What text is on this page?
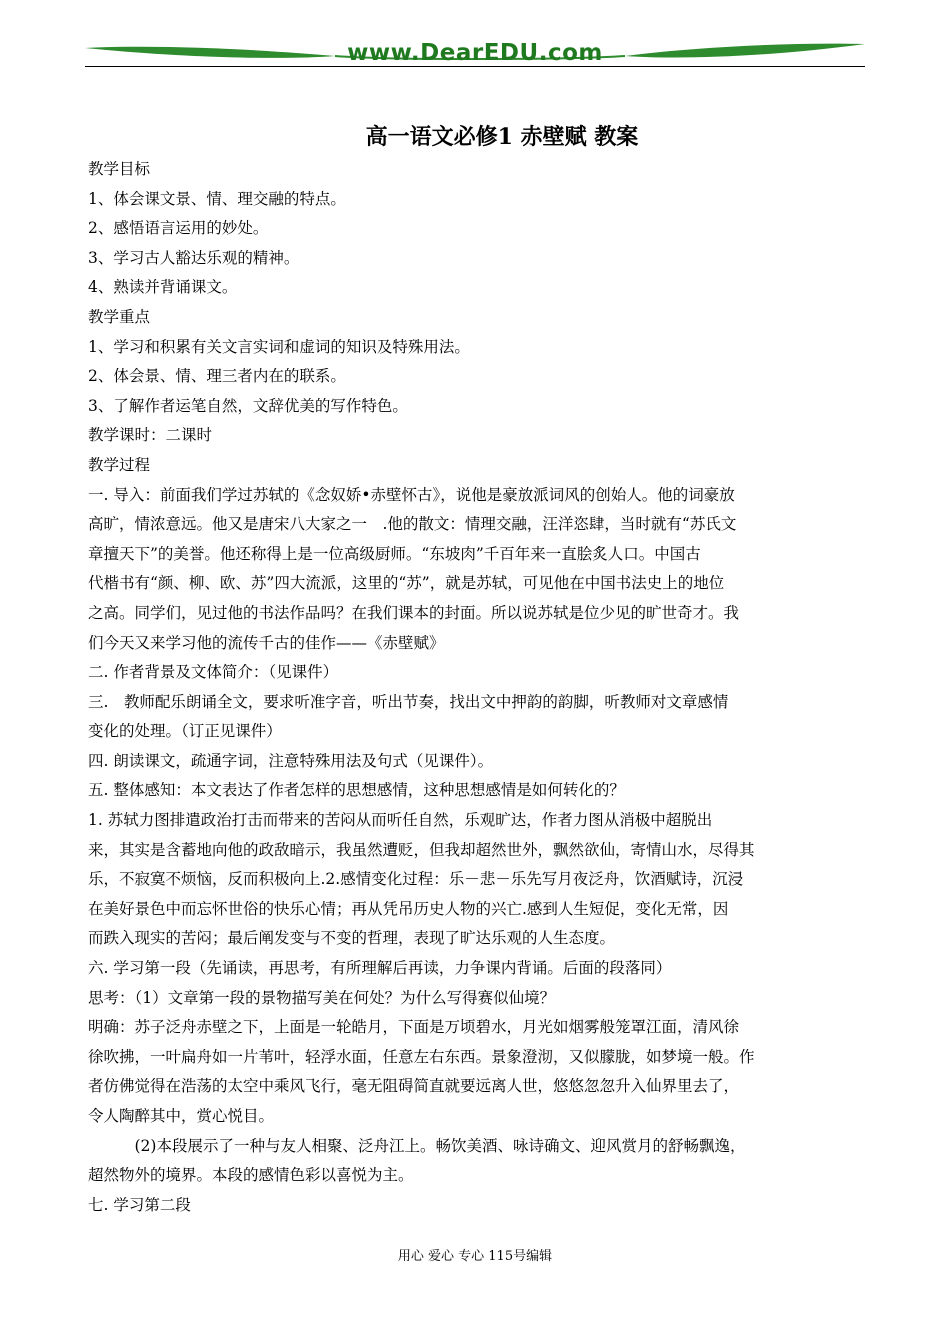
www.DearEDU.com
高一语文必修1 赤壁赋 教案
教学目标
1、体会课文景、情、理交融的特点。
2、感悟语言运用的妙处。
3、学习古人豁达乐观的精神。
4、熟读并背诵课文。
教学重点
1、学习和积累有关文言实词和虚词的知识及特殊用法。
2、体会景、情、理三者内在的联系。
3、了解作者运笔自然，文辞优美的写作特色。
教学课时：二课时
教学过程
一. 导入：前面我们学过苏轼的《念奴娇•赤壁怀古》，说他是豪放派词风的创始人。他的词豪放
高旷，情浓意远。他又是唐宋八大家之一　.他的散文：情理交融，汪洋恣肆，当时就有“苏氏文
章擅天下”的美誉。他还称得上是一位高级厨师。“东坡肉”千百年来一直脍炙人口。中国古
代楷书有“颜、柳、欧、苏”四大流派，这里的“苏”，就是苏轼，可见他在中国书法史上的地位
之高。同学们，见过他的书法作品吗？在我们课本的封面。所以说苏轼是位少见的旷世奇才。我
们今天又来学习他的流传千古的佳作——《赤壁赋》
二. 作者背景及文体简介：（见课件）
三.　教师配乐朗诵全文，要求听准字音，听出节奏，找出文中押韵的韵脚，听教师对文章感情
变化的处理。（订正见课件）
四. 朗读课文，疏通字词，注意特殊用法及句式（见课件）。
五. 整体感知：本文表达了作者怎样的思想感情，这种思想感情是如何转化的？
1. 苏轼力图排遣政治打击而带来的苦闷从而听任自然，乐观旷达，作者力图从消极中超脱出
来，其实是含蓄地向他的政敌暗示，我虽然遭贬，但我却超然世外，飘然欲仙，寄情山水，尽得其
乐，不寂寞不烦恼，反而积极向上.2.感情变化过程：乐－悲－乐先写月夜泛舟，饮酒赋诗，沉浸
在美好景色中而忘怀世俗的快乐心情；再从凭吊历史人物的兴亡.感到人生短促，变化无常，因
而跌入现实的苦闷；最后阐发变与不变的哲理，表现了旷达乐观的人生态度。
六. 学习第一段（先诵读，再思考，有所理解后再读，力争课内背诵。后面的段落同）
思考：（1）文章第一段的景物描写美在何处？为什么写得赛似仙境？
明确：苏子泛舟赤壁之下，上面是一轮皓月，下面是万顷碧水，月光如烟雾般笼罩江面，清风徐
徐吹拂，一叶扁舟如一片苇叶，轻浮水面，任意左右东西。景象澄沏，又似朦胧，如梦境一般。作
者仿佛觉得在浩荡的太空中乘风飞行，毫无阻碍简直就要远离人世，悠悠忽忽升入仙界里去了，
令人陶醉其中，赏心悦目。
　　　(2)本段展示了一种与友人相聚、泛舟江上。畅饮美酒、咏诗确文、迎风赏月的舒畅飘逸，
超然物外的境界。本段的感情色彩以喜悦为主。
七. 学习第二段
用心 爱心 专心 115号编辑
